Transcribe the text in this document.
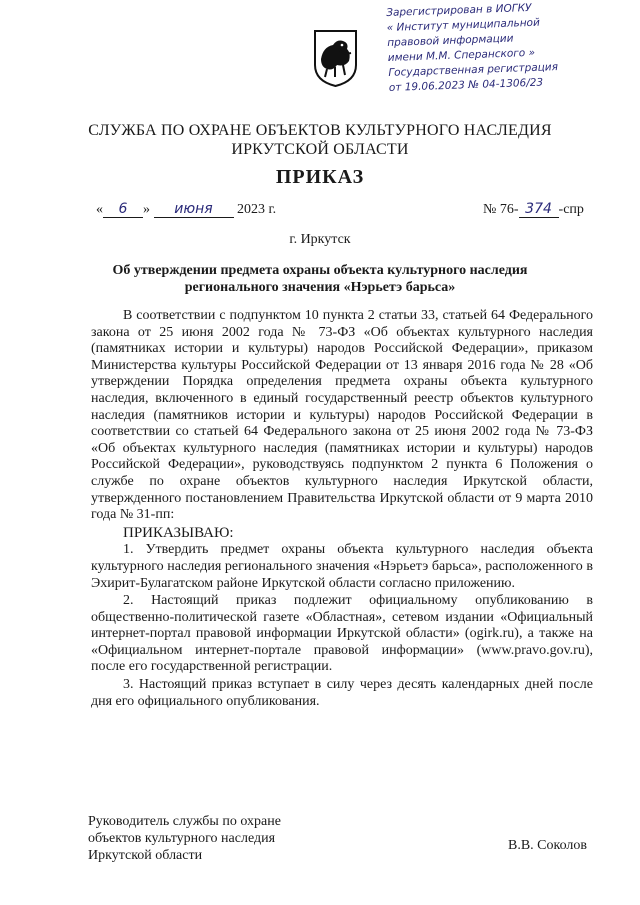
Зарегистрирован в ИОГКУ
« Институт муниципальной
правовой информации
имени М.М. Сперанского »
Государственная регистрация
от 19.06.2023 № 04-1306/23
СЛУЖБА ПО ОХРАНЕ ОБЪЕКТОВ КУЛЬТУРНОГО НАСЛЕДИЯ
ИРКУТСКОЙ ОБЛАСТИ
ПРИКАЗ
« 6 » июня 2023 г.	№ 76- 374 -спр
г. Иркутск
Об утверждении предмета охраны объекта культурного наследия
регионального значения «Нэрьетэ барьса»

В соответствии с подпунктом 10 пункта 2 статьи 33, статьей 64 Федерального закона от 25 июня 2002 года № 73-ФЗ «Об объектах культурного наследия (памятниках истории и культуры) народов Российской Федерации», приказом Министерства культуры Российской Федерации от 13 января 2016 года № 28 «Об утверждении Порядка определения предмета охраны объекта культурного наследия, включенного в единый государственный реестр объектов культурного наследия (памятников истории и культуры) народов Российской Федерации в соответствии со статьей 64 Федерального закона от 25 июня 2002 года № 73-ФЗ «Об объектах культурного наследия (памятниках истории и культуры) народов Российской Федерации», руководствуясь подпунктом 2 пункта 6 Положения о службе по охране объектов культурного наследия Иркутской области, утвержденного постановлением Правительства Иркутской области от 9 марта 2010 года № 31-пп:

ПРИКАЗЫВАЮ:

1. Утвердить предмет охраны объекта культурного наследия объекта культурного наследия регионального значения «Нэрьетэ барьса», расположенного в Эхирит-Булагатском районе Иркутской области согласно приложению.

2. Настоящий приказ подлежит официальному опубликованию в общественно-политической газете «Областная», сетевом издании «Официальный интернет-портал правовой информации Иркутской области» (ogirk.ru), а также на «Официальном интернет-портале правовой информации» (www.pravo.gov.ru), после его государственной регистрации.

3. Настоящий приказ вступает в силу через десять календарных дней после дня его официального опубликования.

Руководитель службы по охране
объектов культурного наследия
Иркутской области
В.В. Соколов
